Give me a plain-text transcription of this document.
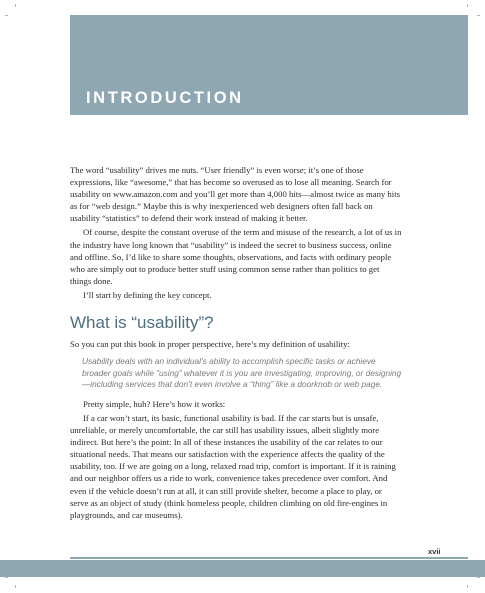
INTRODUCTION

The word “usability” drives me nuts. “User friendly” is even worse; it’s one of those expressions, like “awesome,” that has become so overused as to lose all meaning. Search for usability on www.amazon.com and you’ll get more than 4,000 hits—almost twice as many hits as for “web design.” Maybe this is why inexperienced web designers often fall back on usability “statistics” to defend their work instead of making it better.

Of course, despite the constant overuse of the term and misuse of the research, a lot of us in the industry have long known that “usability” is indeed the secret to business success, online and offline. So, I’d like to share some thoughts, observations, and facts with ordinary people who are simply out to produce better stuff using common sense rather than politics to get things done.

I’ll start by defining the key concept.

What is “usability”?

So you can put this book in proper perspective, here’s my definition of usability:

Usability deals with an individual’s ability to accomplish specific tasks or achieve broader goals while “using” whatever it is you are investigating, improving, or designing—including services that don’t even involve a “thing” like a doorknob or web page.

Pretty simple, huh? Here’s how it works:

If a car won’t start, its basic, functional usability is bad. If the car starts but is unsafe, unreliable, or merely uncomfortable, the car still has usability issues, albeit slightly more indirect. But here’s the point: In all of these instances the usability of the car relates to our situational needs. That means our satisfaction with the experience affects the quality of the usability, too. If we are going on a long, relaxed road trip, comfort is important. If it is raining and our neighbor offers us a ride to work, convenience takes precedence over comfort. And even if the vehicle doesn’t run at all, it can still provide shelter, become a place to play, or serve as an object of study (think homeless people, children climbing on old fire-engines in playgrounds, and car museums).

xvii
